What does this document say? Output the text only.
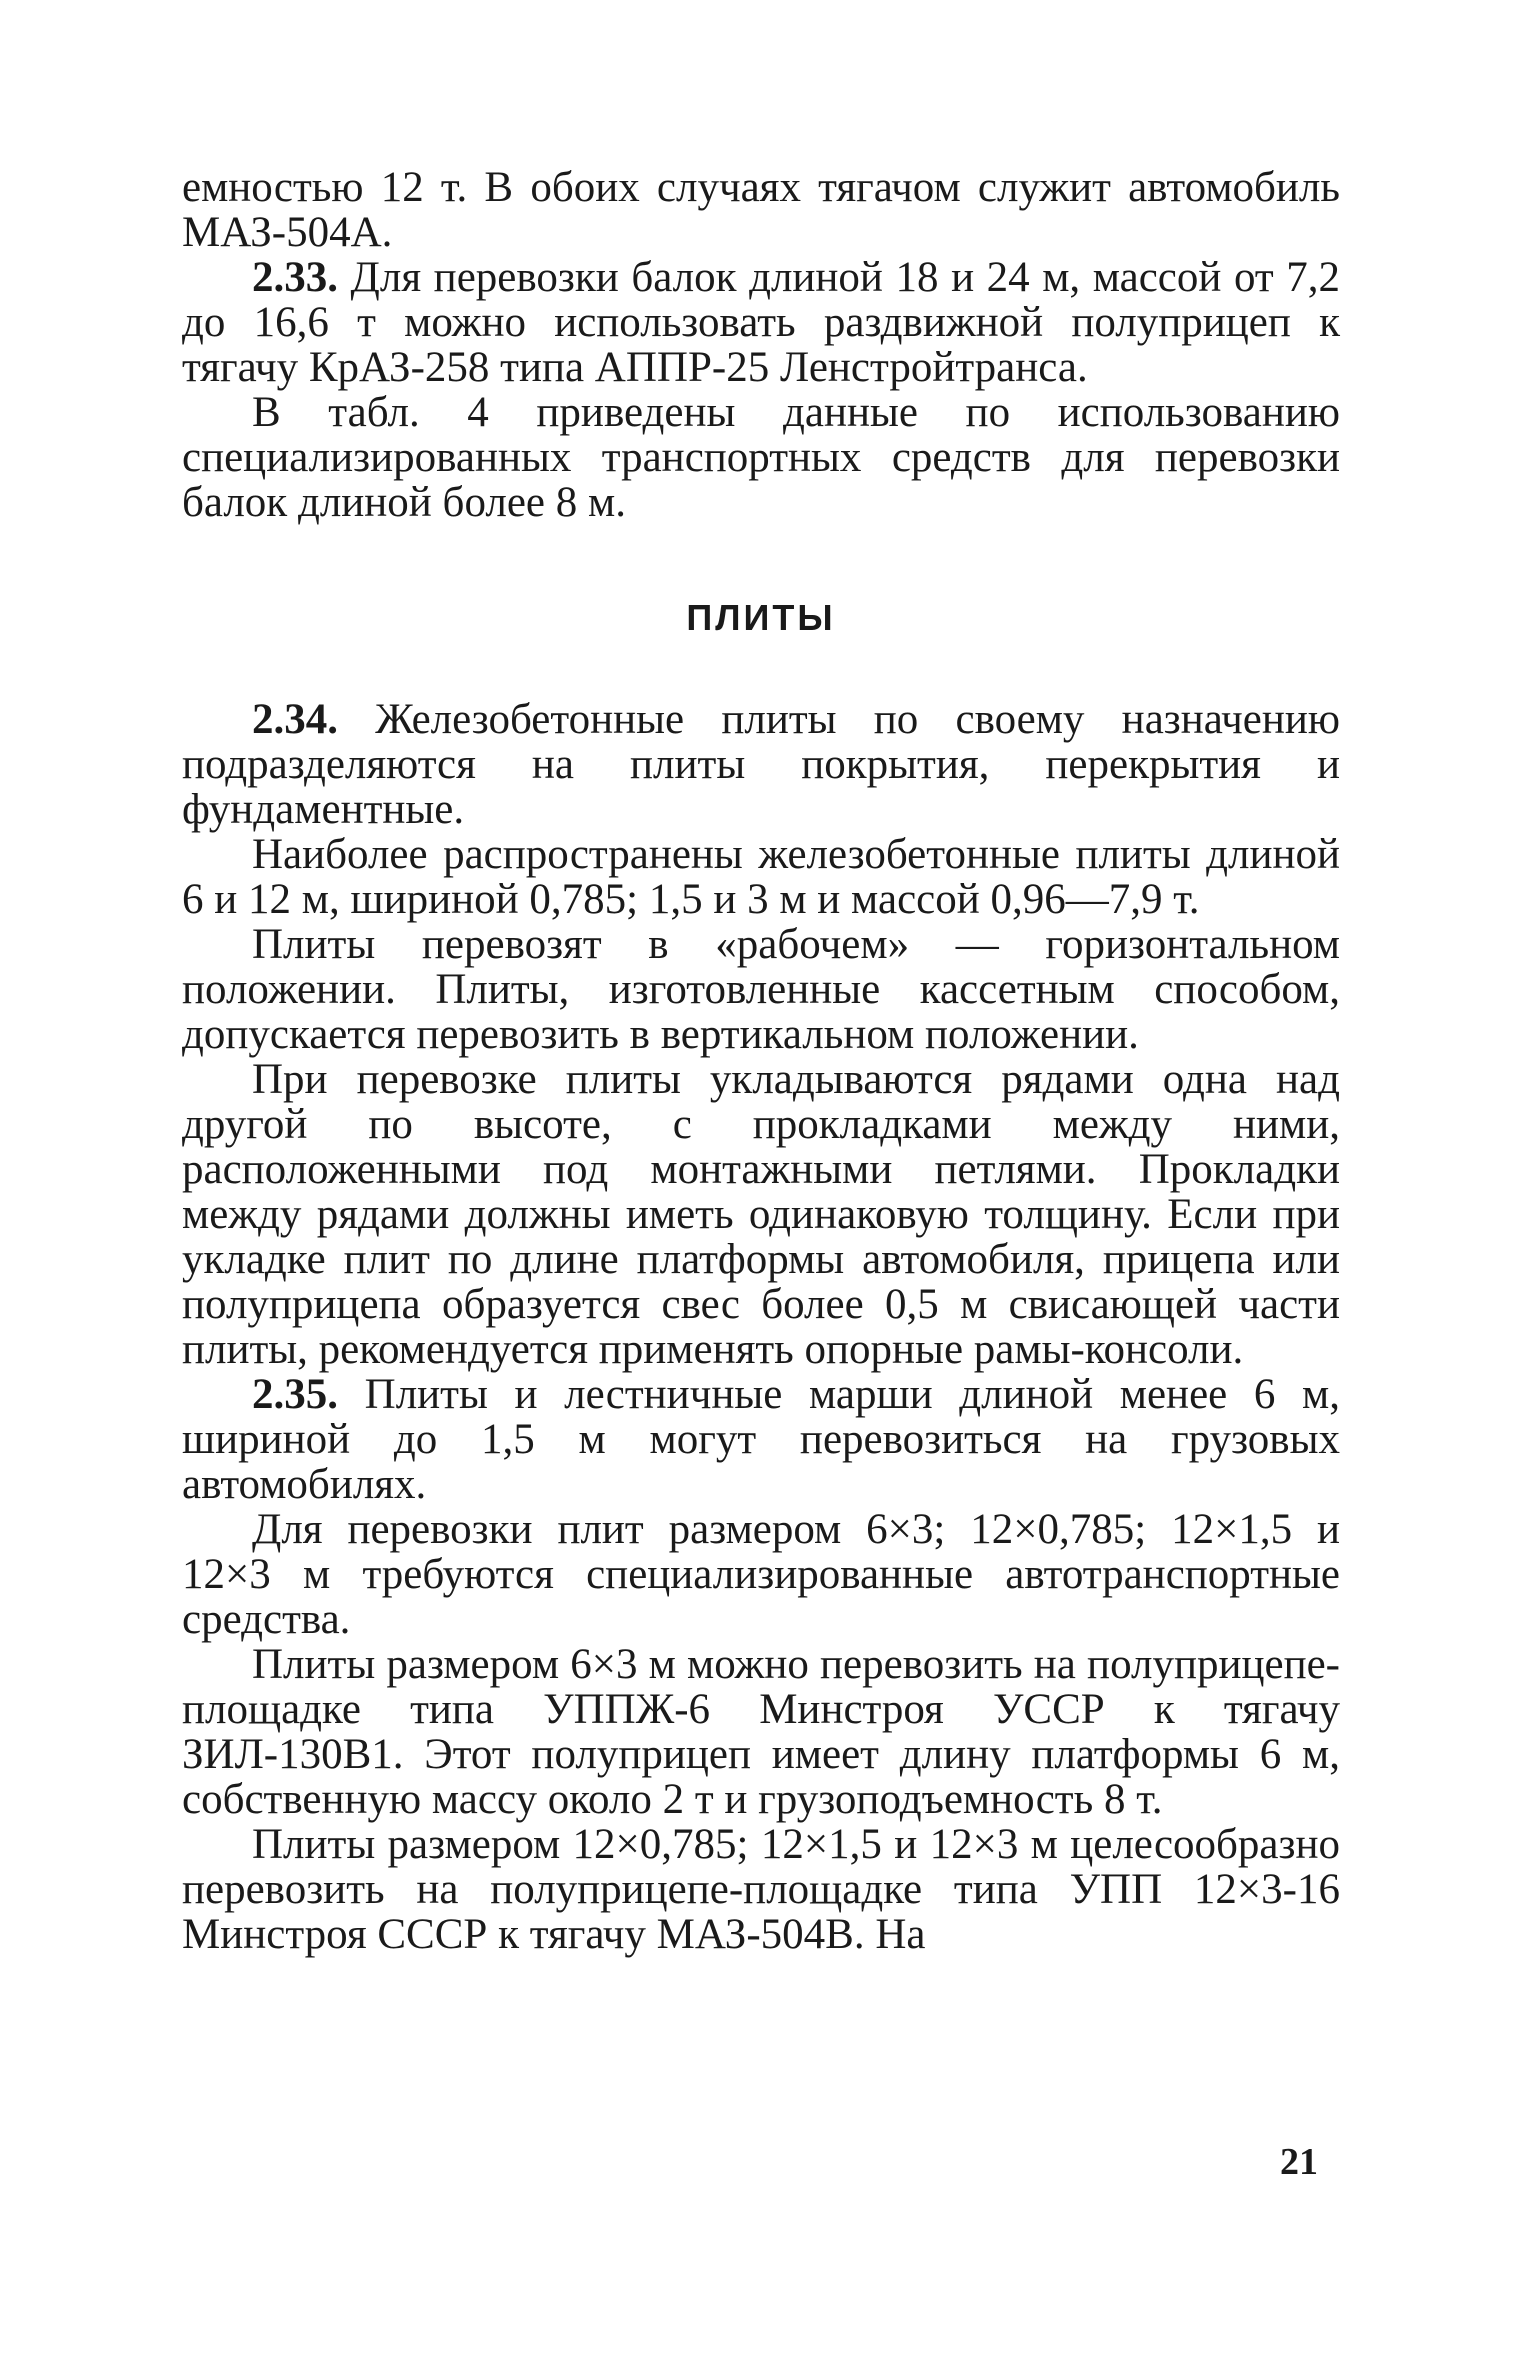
емностью 12 т. В обоих случаях тягачом служит автомобиль МАЗ-504А.

2.33. Для перевозки балок длиной 18 и 24 м, массой от 7,2 до 16,6 т можно использовать раздвижной полуприцеп к тягачу КрАЗ-258 типа АППР-25 Ленстройтранса.

В табл. 4 приведены данные по использованию специализированных транспортных средств для перевозки балок длиной более 8 м.

ПЛИТЫ

2.34. Железобетонные плиты по своему назначению подразделяются на плиты покрытия, перекрытия и фундаментные.

Наиболее распространены железобетонные плиты длиной 6 и 12 м, шириной 0,785; 1,5 и 3 м и массой 0,96—7,9 т.

Плиты перевозят в «рабочем» — горизонтальном положении. Плиты, изготовленные кассетным способом, допускается перевозить в вертикальном положении.

При перевозке плиты укладываются рядами одна над другой по высоте, с прокладками между ними, расположенными под монтажными петлями. Прокладки между рядами должны иметь одинаковую толщину. Если при укладке плит по длине платформы автомобиля, прицепа или полуприцепа образуется свес более 0,5 м свисающей части плиты, рекомендуется применять опорные рамы-консоли.

2.35. Плиты и лестничные марши длиной менее 6 м, шириной до 1,5 м могут перевозиться на грузовых автомобилях.

Для перевозки плит размером 6×3; 12×0,785; 12×1,5 и 12×3 м требуются специализированные автотранспортные средства.

Плиты размером 6×3 м можно перевозить на полуприцепе-площадке типа УППЖ-6 Минстроя УССР к тягачу ЗИЛ-130В1. Этот полуприцеп имеет длину платформы 6 м, собственную массу около 2 т и грузоподъемность 8 т.

Плиты размером 12×0,785; 12×1,5 и 12×3 м целесообразно перевозить на полуприцепе-площадке типа УПП 12×3-16 Минстроя СССР к тягачу МАЗ-504В. На

21
